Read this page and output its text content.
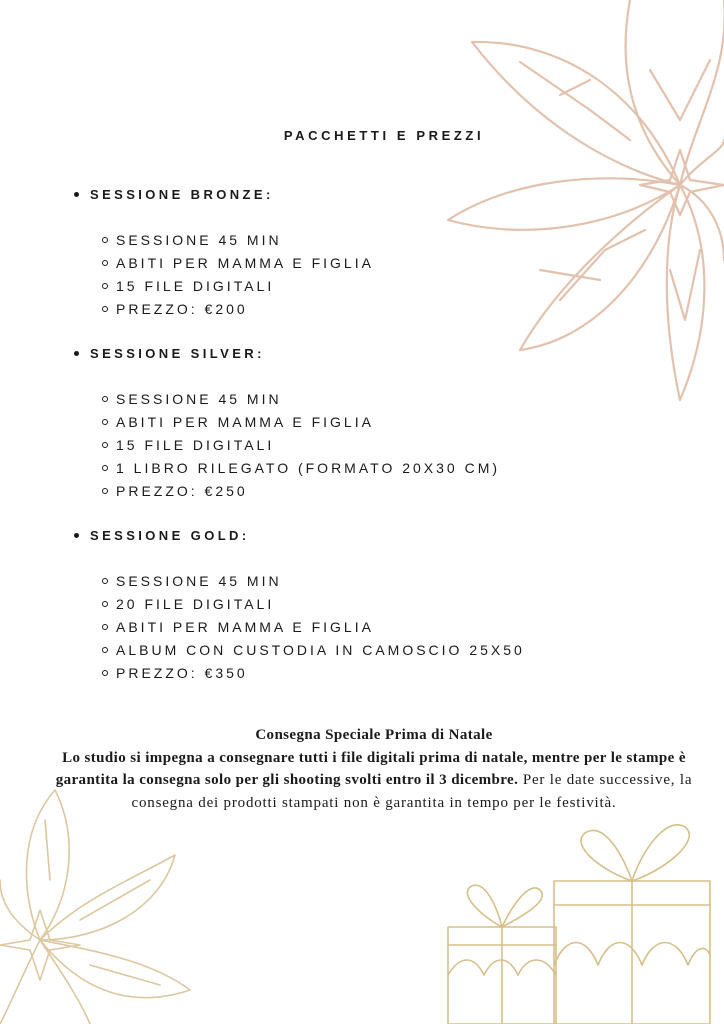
PACCHETTI E PREZZI
SESSIONE BRONZE:
SESSIONE 45 MIN
ABITI PER MAMMA E FIGLIA
15 FILE DIGITALI
PREZZO: €200
SESSIONE SILVER:
SESSIONE 45 MIN
ABITI PER MAMMA E FIGLIA
15 FILE DIGITALI
1 LIBRO RILEGATO (FORMATO 20X30 CM)
PREZZO: €250
SESSIONE GOLD:
SESSIONE 45 MIN
20 FILE DIGITALI
ABITI PER MAMMA E FIGLIA
ALBUM CON CUSTODIA IN CAMOSCIO 25X50
PREZZO: €350
Consegna Speciale Prima di Natale
Lo studio si impegna a consegnare tutti i file digitali prima di natale, mentre per le stampe è garantita la consegna solo per gli shooting svolti entro il 3 dicembre. Per le date successive, la consegna dei prodotti stampati non è garantita in tempo per le festività.
